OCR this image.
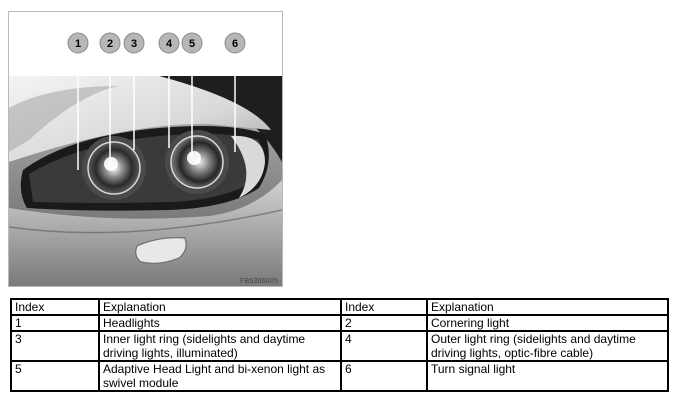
1 2 3	4 5	6
FB6306005
Index	Explanation	Index	Explanation
1	Headlights	2	Cornering light
3	Inner light ring (sidelights and daytime driving lights, illuminated)	4	Outer light ring (sidelights and daytime driving lights, optic-fibre cable)
5	Adaptive Head Light and bi-xenon light as swivel module	6	Turn signal light
